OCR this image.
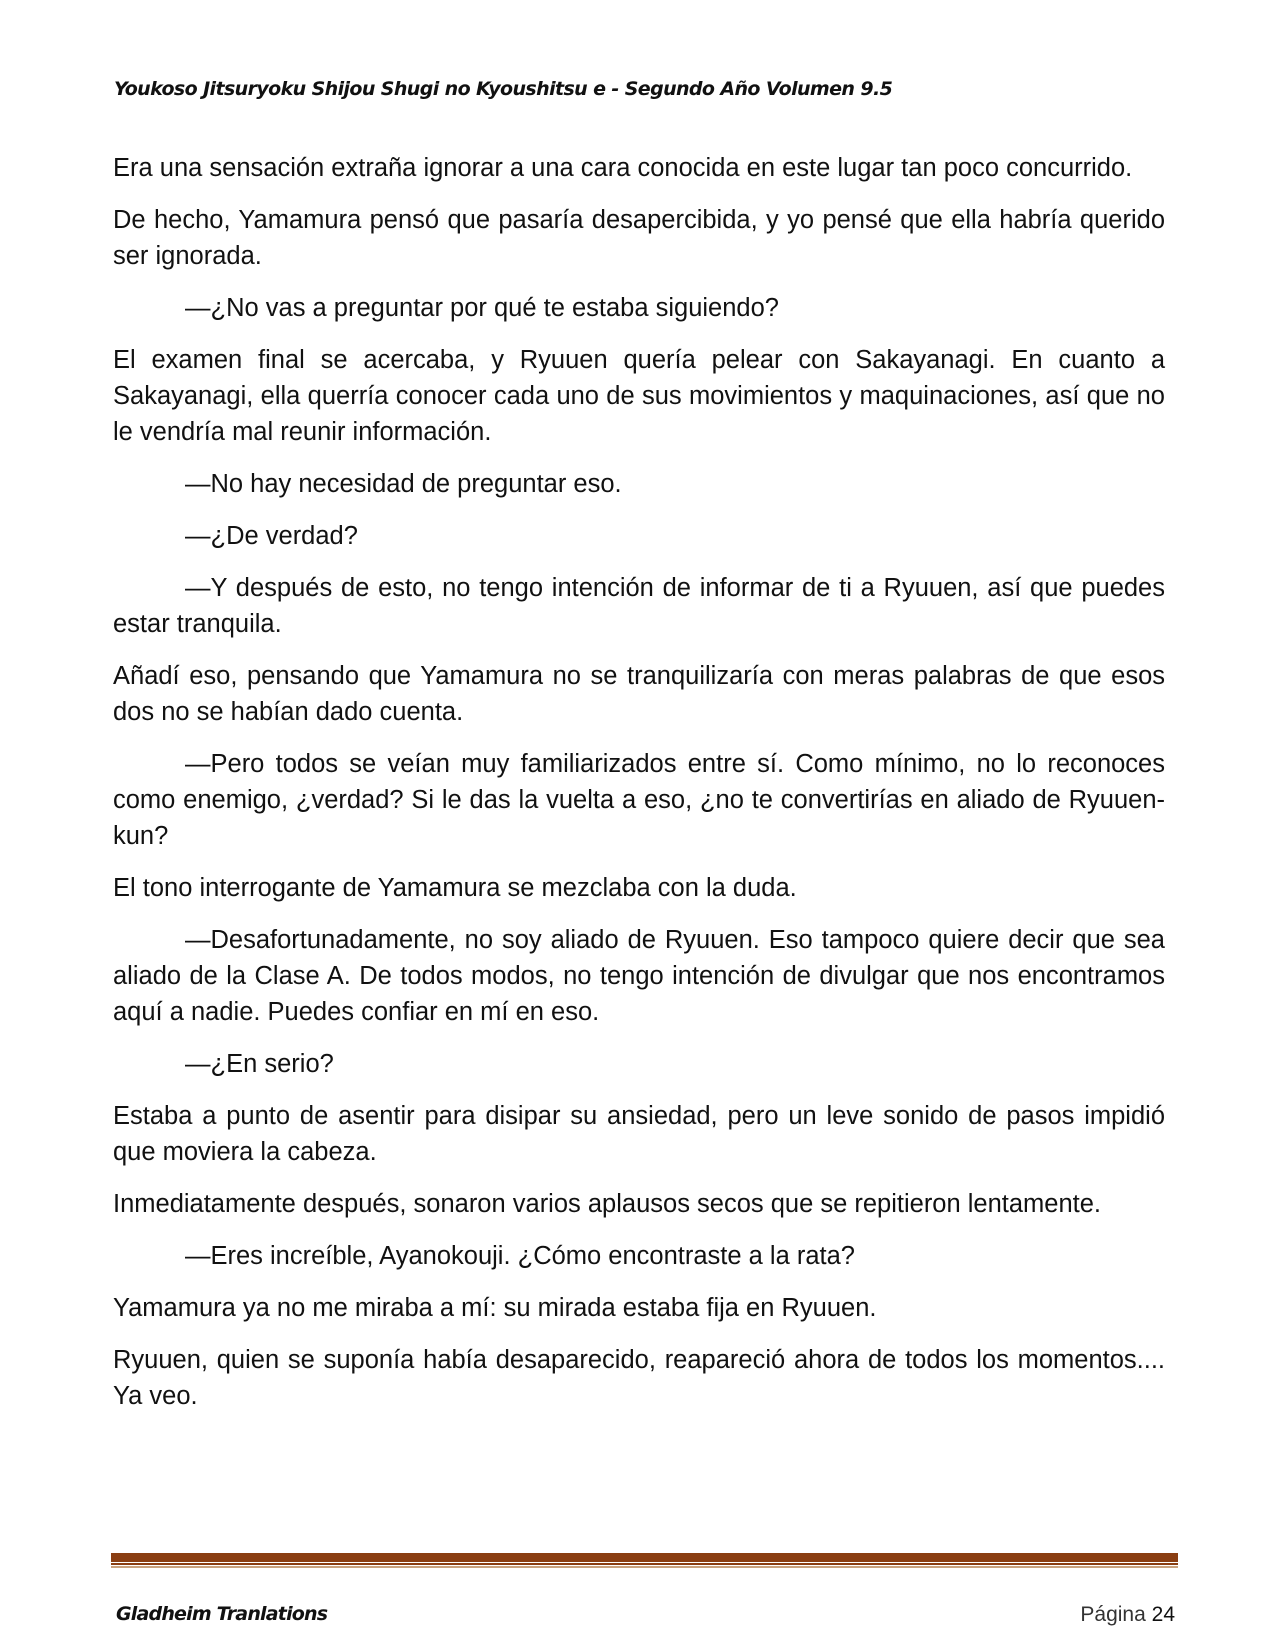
Youkoso Jitsuryoku Shijou Shugi no Kyoushitsu e - Segundo Año Volumen 9.5

Era una sensación extraña ignorar a una cara conocida en este lugar tan poco concurrido.

De hecho, Yamamura pensó que pasaría desapercibida, y yo pensé que ella habría querido ser ignorada.

—¿No vas a preguntar por qué te estaba siguiendo?

El examen final se acercaba, y Ryuuen quería pelear con Sakayanagi. En cuanto a Sakayanagi, ella querría conocer cada uno de sus movimientos y maquinaciones, así que no le vendría mal reunir información.

—No hay necesidad de preguntar eso.

—¿De verdad?

—Y después de esto, no tengo intención de informar de ti a Ryuuen, así que puedes estar tranquila.

Añadí eso, pensando que Yamamura no se tranquilizaría con meras palabras de que esos dos no se habían dado cuenta.

—Pero todos se veían muy familiarizados entre sí. Como mínimo, no lo reconoces como enemigo, ¿verdad? Si le das la vuelta a eso, ¿no te convertirías en aliado de Ryuuen-kun?

El tono interrogante de Yamamura se mezclaba con la duda.

—Desafortunadamente, no soy aliado de Ryuuen. Eso tampoco quiere decir que sea aliado de la Clase A. De todos modos, no tengo intención de divulgar que nos encontramos aquí a nadie. Puedes confiar en mí en eso.

—¿En serio?

Estaba a punto de asentir para disipar su ansiedad, pero un leve sonido de pasos impidió que moviera la cabeza.

Inmediatamente después, sonaron varios aplausos secos que se repitieron lentamente.

—Eres increíble, Ayanokouji. ¿Cómo encontraste a la rata?

Yamamura ya no me miraba a mí: su mirada estaba fija en Ryuuen.

Ryuuen, quien se suponía había desaparecido, reapareció ahora de todos los momentos.... Ya veo.

Gladheim Tranlations	Página 24
